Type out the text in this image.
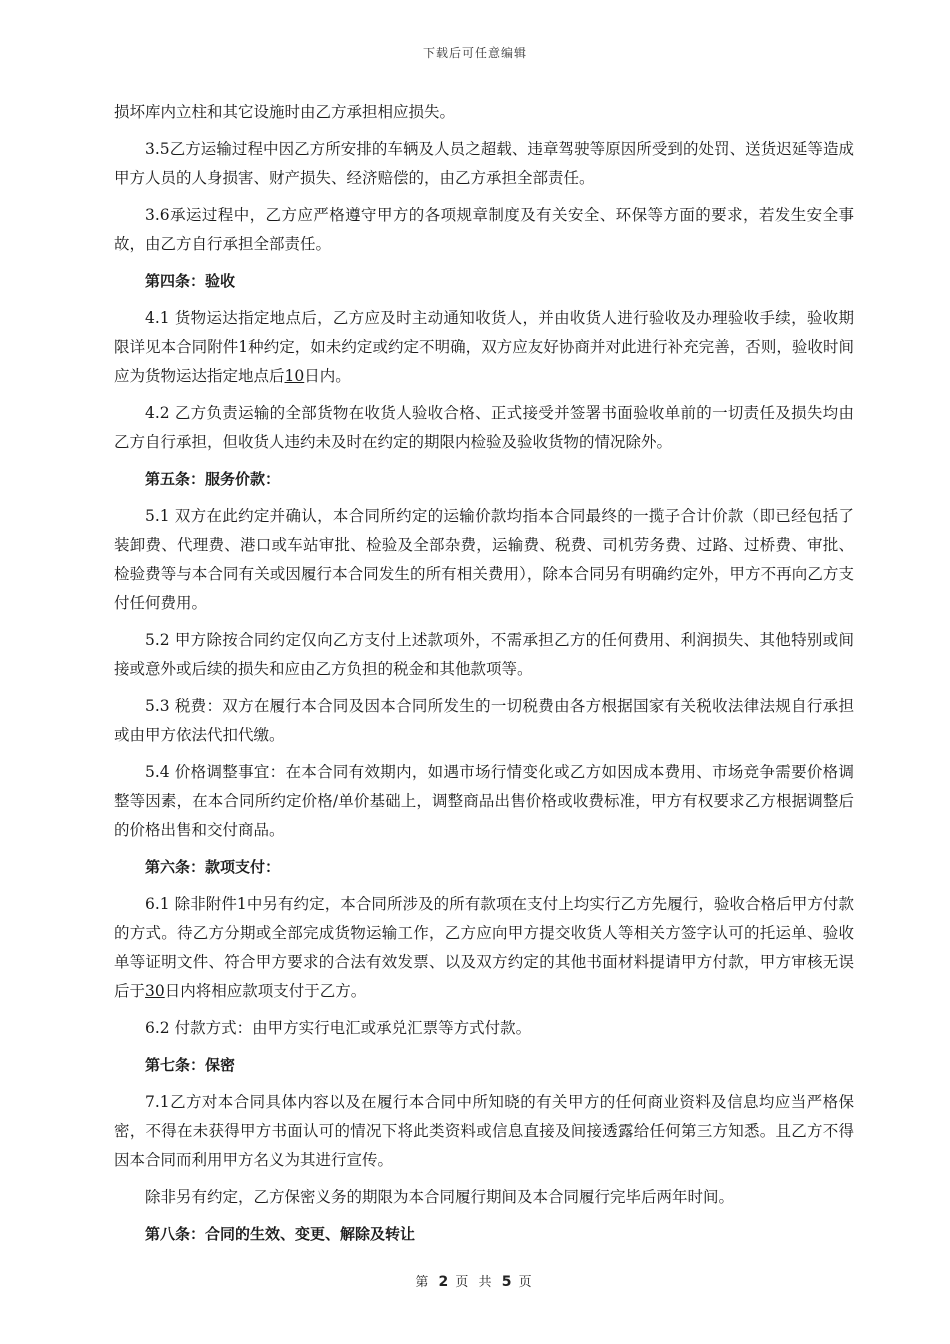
下载后可任意编辑

损坏库内立柱和其它设施时由乙方承担相应损失。

3.5乙方运输过程中因乙方所安排的车辆及人员之超载、违章驾驶等原因所受到的处罚、送货迟延等造成甲方人员的人身损害、财产损失、经济赔偿的，由乙方承担全部责任。

3.6承运过程中，乙方应严格遵守甲方的各项规章制度及有关安全、环保等方面的要求，若发生安全事故，由乙方自行承担全部责任。

第四条：验收

4.1 货物运达指定地点后，乙方应及时主动通知收货人，并由收货人进行验收及办理验收手续，验收期限详见本合同附件1种约定，如未约定或约定不明确，双方应友好协商并对此进行补充完善，否则，验收时间应为货物运达指定地点后10日内。

4.2 乙方负责运输的全部货物在收货人验收合格、正式接受并签署书面验收单前的一切责任及损失均由乙方自行承担，但收货人违约未及时在约定的期限内检验及验收货物的情况除外。

第五条：服务价款：

5.1 双方在此约定并确认，本合同所约定的运输价款均指本合同最终的一揽子合计价款（即已经包括了装卸费、代理费、港口或车站审批、检验及全部杂费，运输费、税费、司机劳务费、过路、过桥费、审批、检验费等与本合同有关或因履行本合同发生的所有相关费用），除本合同另有明确约定外，甲方不再向乙方支付任何费用。

5.2 甲方除按合同约定仅向乙方支付上述款项外，不需承担乙方的任何费用、利润损失、其他特别或间接或意外或后续的损失和应由乙方负担的税金和其他款项等。

5.3 税费：双方在履行本合同及因本合同所发生的一切税费由各方根据国家有关税收法律法规自行承担或由甲方依法代扣代缴。

5.4 价格调整事宜：在本合同有效期内，如遇市场行情变化或乙方如因成本费用、市场竞争需要价格调整等因素，在本合同所约定价格/单价基础上，调整商品出售价格或收费标准，甲方有权要求乙方根据调整后的价格出售和交付商品。

第六条：款项支付：

6.1 除非附件1中另有约定，本合同所涉及的所有款项在支付上均实行乙方先履行，验收合格后甲方付款的方式。待乙方分期或全部完成货物运输工作，乙方应向甲方提交收货人等相关方签字认可的托运单、验收单等证明文件、符合甲方要求的合法有效发票、以及双方约定的其他书面材料提请甲方付款，甲方审核无误后于30日内将相应款项支付于乙方。

6.2 付款方式：由甲方实行电汇或承兑汇票等方式付款。

第七条：保密

7.1乙方对本合同具体内容以及在履行本合同中所知晓的有关甲方的任何商业资料及信息均应当严格保密，不得在未获得甲方书面认可的情况下将此类资料或信息直接及间接透露给任何第三方知悉。且乙方不得因本合同而利用甲方名义为其进行宣传。

除非另有约定，乙方保密义务的期限为本合同履行期间及本合同履行完毕后两年时间。

第八条：合同的生效、变更、解除及转让
第 2 页 共 5 页
